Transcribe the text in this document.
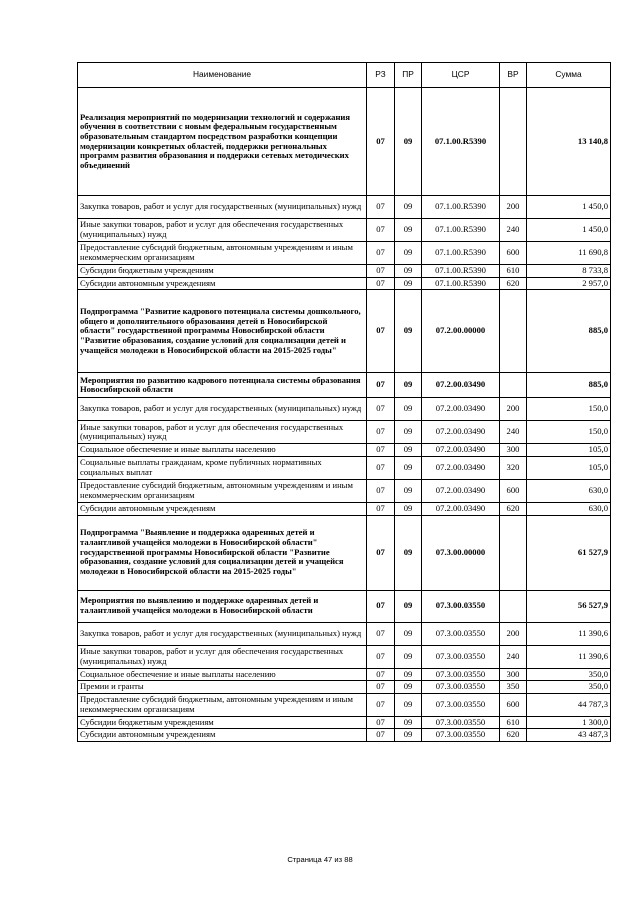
Наименование	РЗ	ПР	ЦСР	ВР	Сумма
Реализация мероприятий по модернизации технологий и содержания обучения в соответствии с новым федеральным государственным образовательным стандартом посредством разработки концепции модернизации конкретных областей, поддержки региональных программ развития образования и поддержки сетевых методических объединений	07	09	07.1.00.R5390		13 140,8
Закупка товаров, работ и услуг для государственных (муниципальных) нужд	07	09	07.1.00.R5390	200	1 450,0
Иные закупки товаров, работ и услуг для обеспечения государственных (муниципальных) нужд	07	09	07.1.00.R5390	240	1 450,0
Предоставление субсидий бюджетным, автономным учреждениям и иным некоммерческим организациям	07	09	07.1.00.R5390	600	11 690,8
Субсидии бюджетным учреждениям	07	09	07.1.00.R5390	610	8 733,8
Субсидии автономным учреждениям	07	09	07.1.00.R5390	620	2 957,0
Подпрограмма "Развитие кадрового потенциала системы дошкольного, общего и дополнительного образования детей в Новосибирской области" государственной программы Новосибирской области "Развитие образования, создание условий для социализации детей и учащейся молодежи в Новосибирской области на 2015-2025 годы"	07	09	07.2.00.00000		885,0
Мероприятия по развитию кадрового потенциала системы образования Новосибирской области	07	09	07.2.00.03490		885,0
Закупка товаров, работ и услуг для государственных (муниципальных) нужд	07	09	07.2.00.03490	200	150,0
Иные закупки товаров, работ и услуг для обеспечения государственных (муниципальных) нужд	07	09	07.2.00.03490	240	150,0
Социальное обеспечение и иные выплаты населению	07	09	07.2.00.03490	300	105,0
Социальные выплаты гражданам, кроме публичных нормативных социальных выплат	07	09	07.2.00.03490	320	105,0
Предоставление субсидий бюджетным, автономным учреждениям и иным некоммерческим организациям	07	09	07.2.00.03490	600	630,0
Субсидии автономным учреждениям	07	09	07.2.00.03490	620	630,0
Подпрограмма "Выявление и поддержка одаренных детей и талантливой учащейся молодежи в Новосибирской области" государственной программы Новосибирской области "Развитие образования, создание условий для социализации детей и учащейся молодежи в Новосибирской области на 2015-2025 годы"	07	09	07.3.00.00000		61 527,9
Мероприятия по выявлению и поддержке одаренных детей и талантливой учащейся молодежи в Новосибирской области	07	09	07.3.00.03550		56 527,9
Закупка товаров, работ и услуг для государственных (муниципальных) нужд	07	09	07.3.00.03550	200	11 390,6
Иные закупки товаров, работ и услуг для обеспечения государственных (муниципальных) нужд	07	09	07.3.00.03550	240	11 390,6
Социальное обеспечение и иные выплаты населению	07	09	07.3.00.03550	300	350,0
Премии и гранты	07	09	07.3.00.03550	350	350,0
Предоставление субсидий бюджетным, автономным учреждениям и иным некоммерческим организациям	07	09	07.3.00.03550	600	44 787,3
Субсидии бюджетным учреждениям	07	09	07.3.00.03550	610	1 300,0
Субсидии автономным учреждениям	07	09	07.3.00.03550	620	43 487,3
Страница 47 из 88
